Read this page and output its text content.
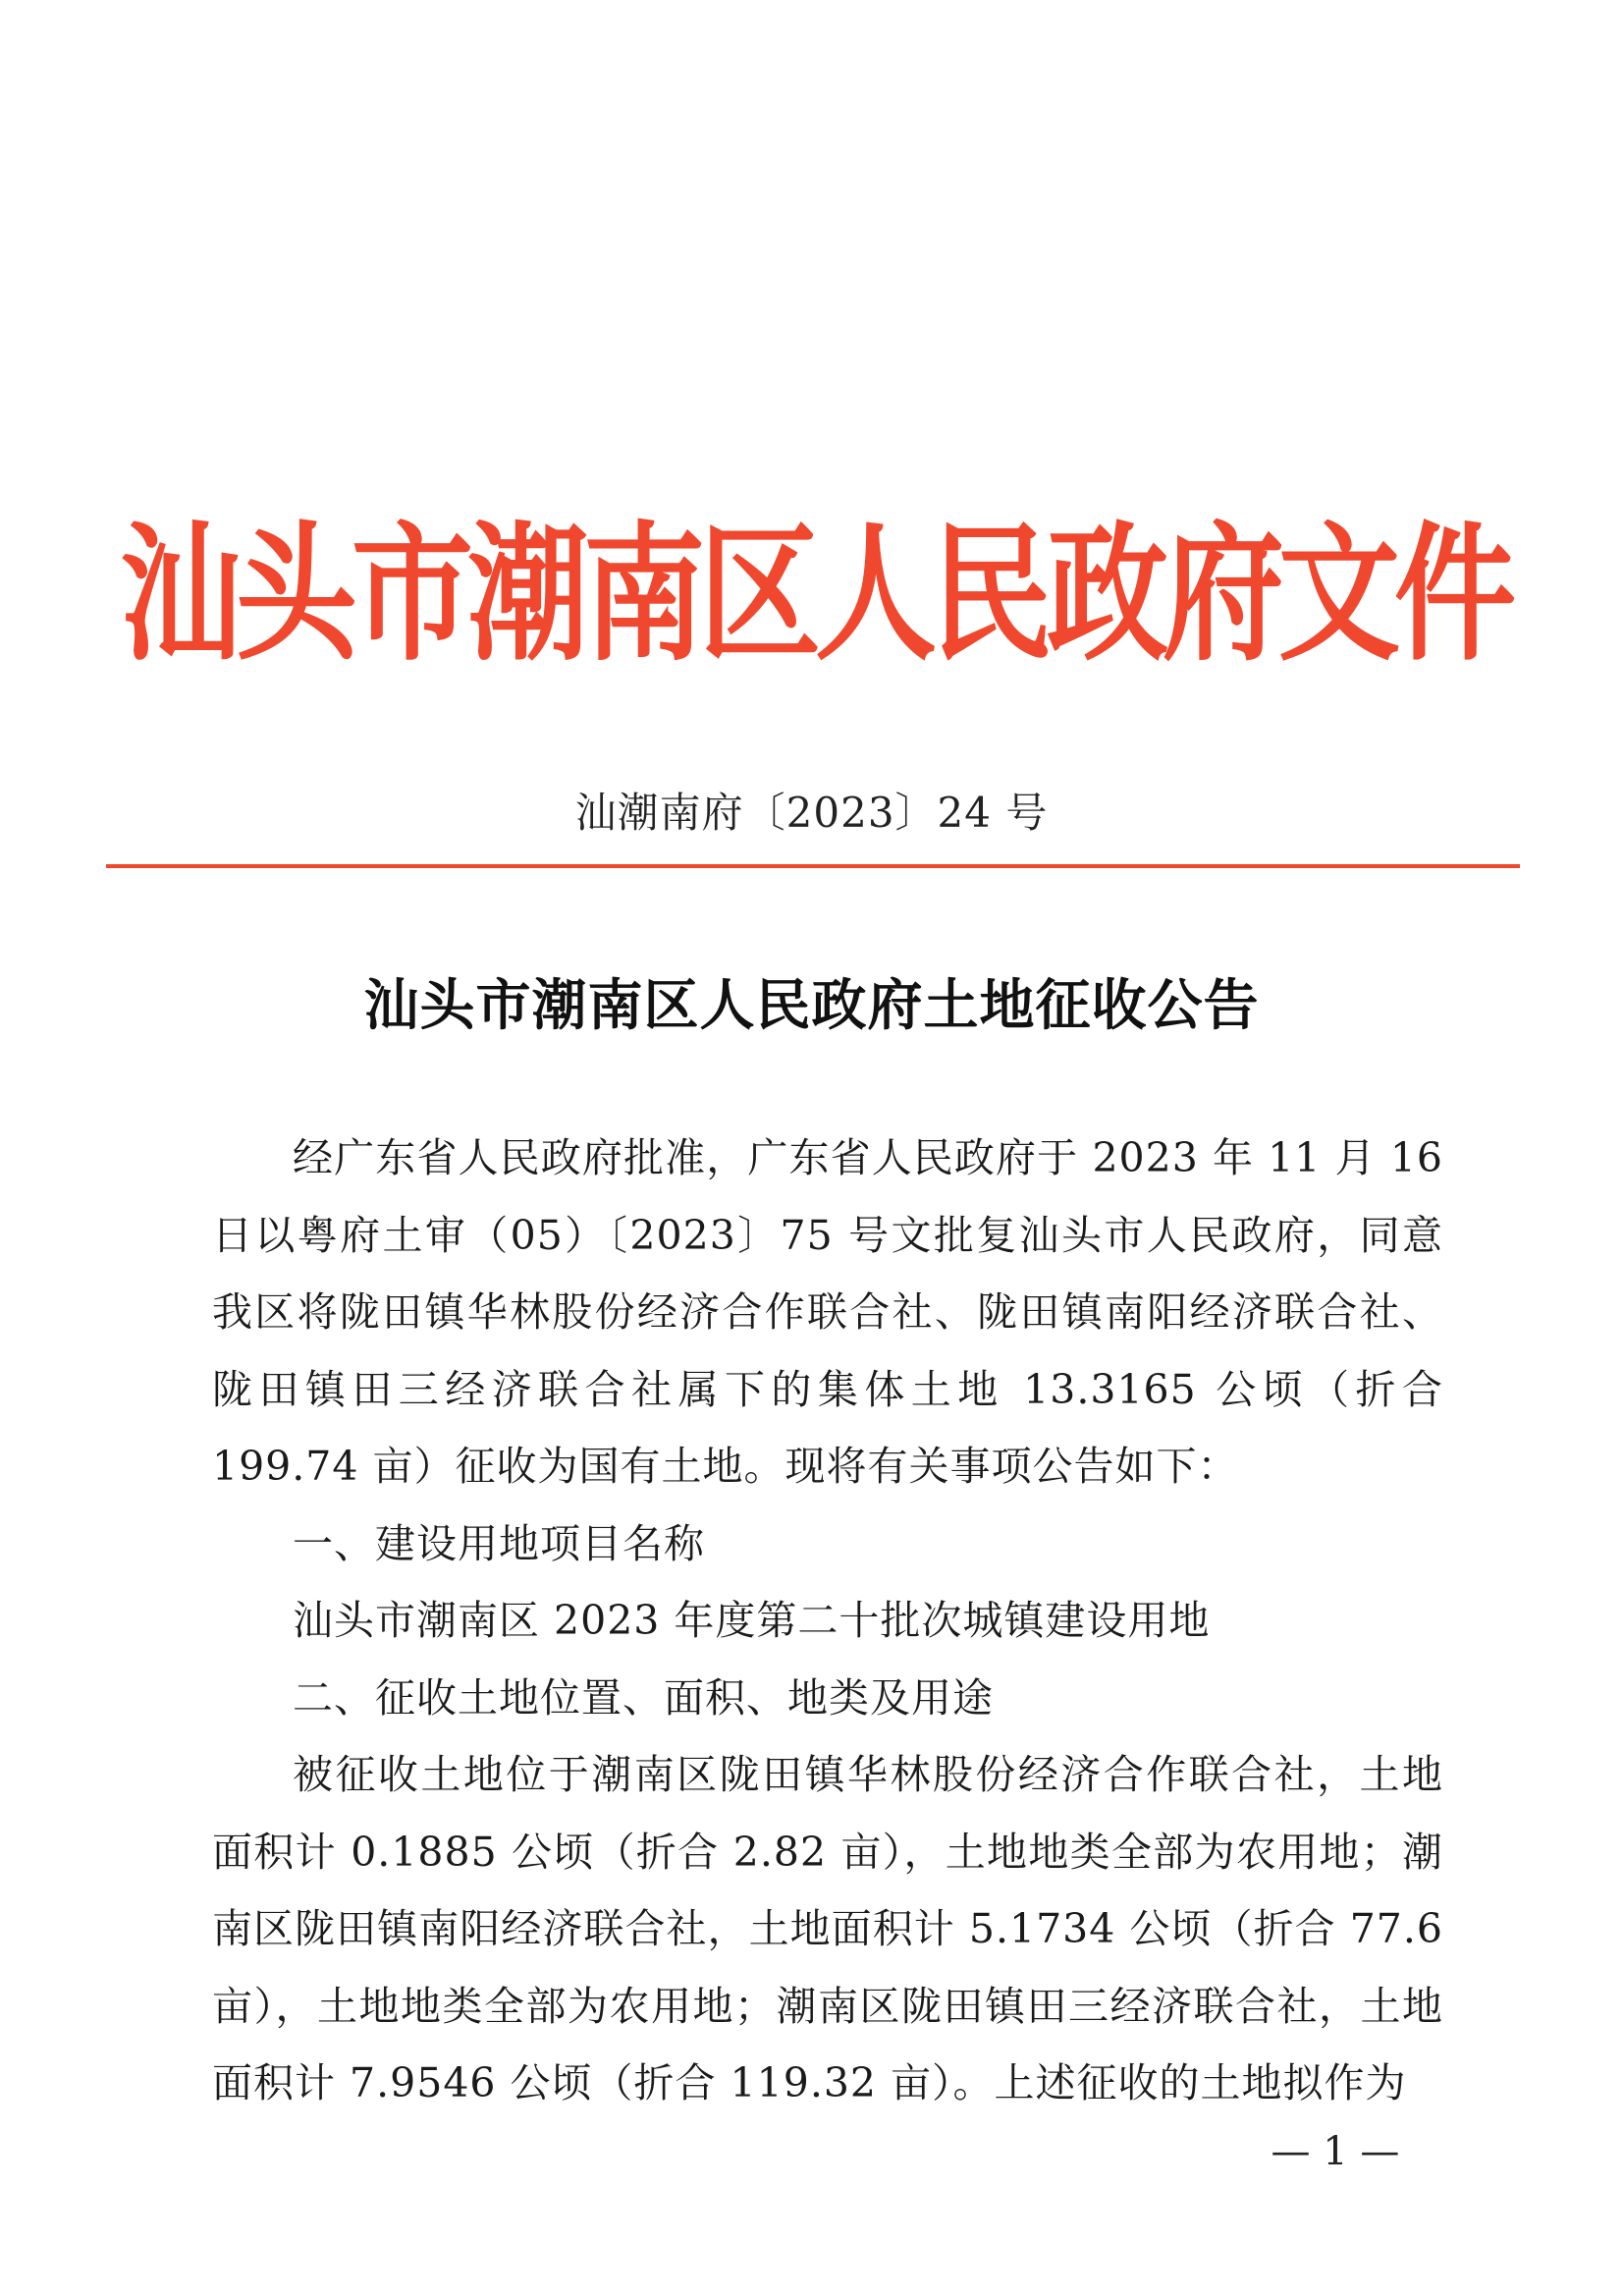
汕头市潮南区人民政府文件
汕潮南府〔2023〕24 号
汕头市潮南区人民政府土地征收公告

经广东省人民政府批准，广东省人民政府于 2023 年 11 月 16 日以粤府土审（05）〔2023〕75 号文批复汕头市人民政府，同意我区将陇田镇华林股份经济合作联合社、陇田镇南阳经济联合社、陇田镇田三经济联合社属下的集体土地 13.3165 公顷（折合 199.74 亩）征收为国有土地。现将有关事项公告如下：

一、建设用地项目名称

汕头市潮南区 2023 年度第二十批次城镇建设用地

二、征收土地位置、面积、地类及用途

被征收土地位于潮南区陇田镇华林股份经济合作联合社，土地面积计 0.1885 公顷（折合 2.82 亩），土地地类全部为农用地；潮南区陇田镇南阳经济联合社，土地面积计 5.1734 公顷（折合 77.6 亩），土地地类全部为农用地；潮南区陇田镇田三经济联合社，土地面积计 7.9546 公顷（折合 119.32 亩）。上述征收的土地拟作为

— 1 —
